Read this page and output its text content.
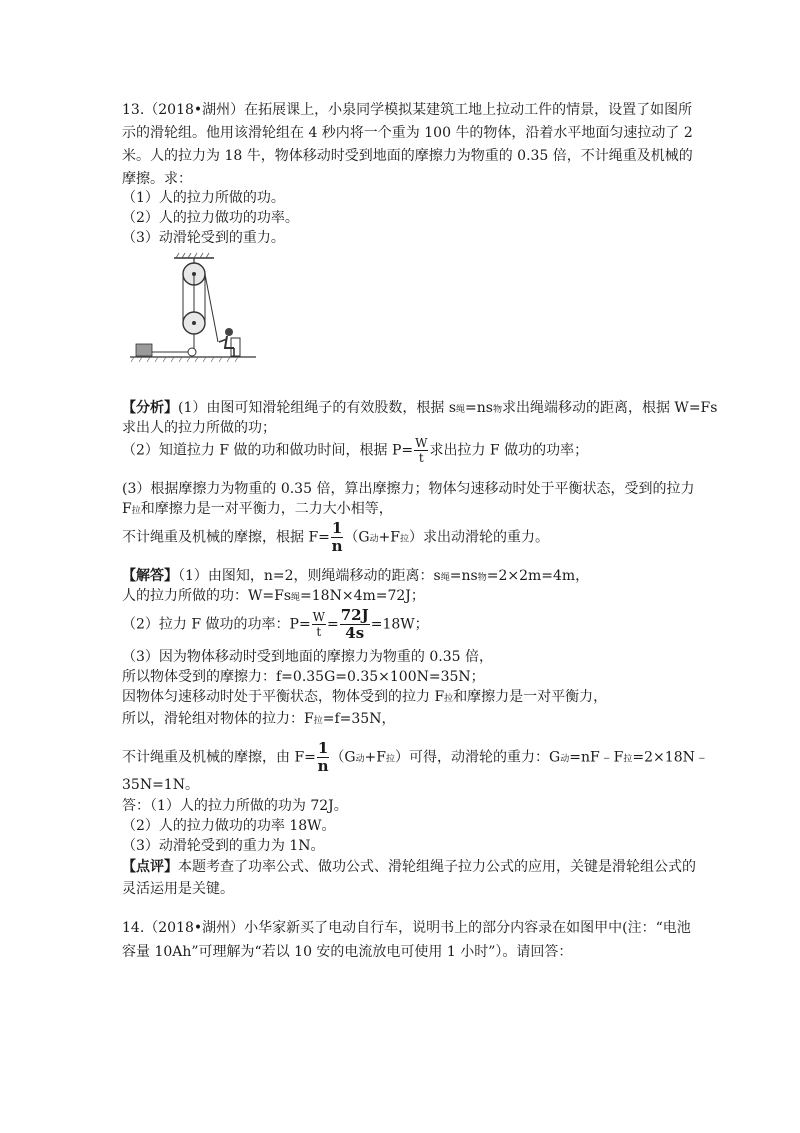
13.（2018•湖州）在拓展课上，小泉同学模拟某建筑工地上拉动工件的情景，设置了如图所
示的滑轮组。他用该滑轮组在 4 秒内将一个重为 100 牛的物体，沿着水平地面匀速拉动了 2
米。人的拉力为 18 牛，物体移动时受到地面的摩擦力为物重的 0.35 倍，不计绳重及机械的
摩擦。求：
（1）人的拉力所做的功。
（2）人的拉力做功的功率。
（3）动滑轮受到的重力。
【分析】(1）由图可知滑轮组绳子的有效股数，根据 s绳=ns物求出绳端移动的距离，根据 W=Fs
求出人的拉力所做的功；
（2）知道拉力 F 做的功和做功时间，根据 $P= \frac{W}{t}$ 求出拉力 F 做功的功率；
(3）根据摩擦力为物重的 0.35 倍，算出摩擦力；物体匀速移动时处于平衡状态，受到的拉力
F拉和摩擦力是一对平衡力，二力大小相等，
不计绳重及机械的摩擦，根据 $F= \frac{1}{n} (G$动+F拉）求出动滑轮的重力。
【解答】（1）由图知，n=2，则绳端移动的距离：s绳=ns物=2×2m=4m，
人的拉力所做的功：W=Fs绳=18N×4m=72J；
（2）拉力 F 做功的功率：$P= \frac{W}{t} = \frac{72J}{4s} =18W$；
（3）因为物体移动时受到地面的摩擦力为物重的 0.35 倍，
所以物体受到的摩擦力：f=0.35G=0.35×100N=35N；
因物体匀速移动时处于平衡状态，物体受到的拉力 F拉和摩擦力是一对平衡力，
所以，滑轮组对物体的拉力：F拉=f=35N，
不计绳重及机械的摩擦，由 $F= \frac{1}{n} (G$动+F拉）可得，动滑轮的重力：G动=nF﹣F拉=2×18N﹣
35N=1N。
答：（1）人的拉力所做的功为 72J。
（2）人的拉力做功的功率 18W。
（3）动滑轮受到的重力为 1N。
【点评】本题考查了功率公式、做功公式、滑轮组绳子拉力公式的应用，关键是滑轮组公式的
灵活运用是关键。
14.（2018•湖州）小华家新买了电动自行车，说明书上的部分内容录在如图甲中(注：“电池
容量 10Ah”可理解为“若以 10 安的电流放电可使用 1 小时”）。请回答：
